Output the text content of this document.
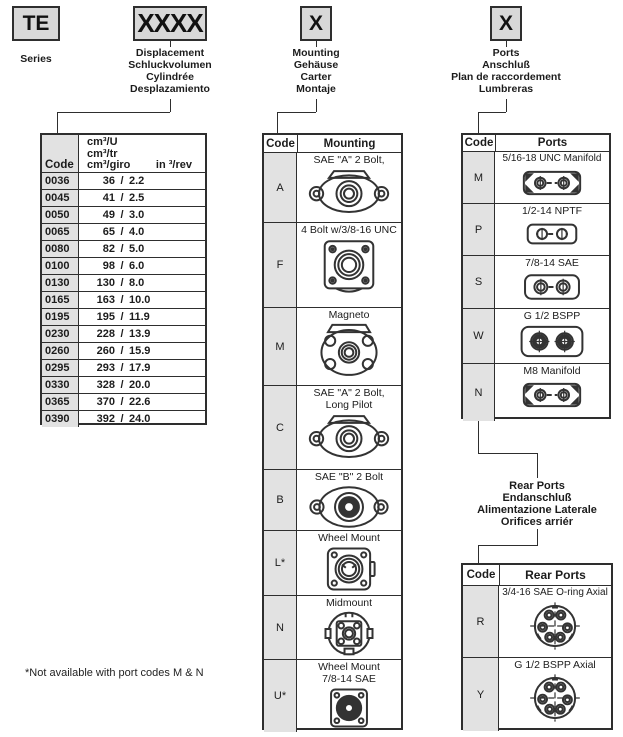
TE
Series
XXXX
Displacement
Schluckvolumen
Cylindrée
Desplazamiento
X
Mounting
Gehäuse
Carter
Montaje
X
Ports
Anschluß
Plan de raccordement
Lumbreras
Code
cm³/U
cm³/tr
cm³/giro	in ³/rev
0036	36 / 2.2
0045	41 / 2.5
0050	49 / 3.0
0065	65 / 4.0
0080	82 / 5.0
0100	98 / 6.0
0130	130 / 8.0
0165	163 / 10.0
0195	195 / 11.9
0230	228 / 13.9
0260	260 / 15.9
0295	293 / 17.9
0330	328 / 20.0
0365	370 / 22.6
0390	392 / 24.0
Code	Mounting
A
SAE "A" 2 Bolt,
F
4 Bolt w/3/8-16 UNC
M
Magneto
C
SAE "A" 2 Bolt,
Long Pilot
B
SAE "B" 2 Bolt
L*
Wheel Mount
N
Midmount
U*
Wheel Mount
7/8-14 SAE
Code	Ports
M
5/16-18 UNC Manifold
P
1/2-14 NPTF
S
7/8-14 SAE
W
G 1/2 BSPP
N
M8 Manifold
Rear Ports
Endanschluß
Alimentazione Laterale
Orifices arriér
Code	Rear Ports
R
3/4-16 SAE O-ring Axial
Y
G 1/2 BSPP Axial
*Not available with port codes M & N
